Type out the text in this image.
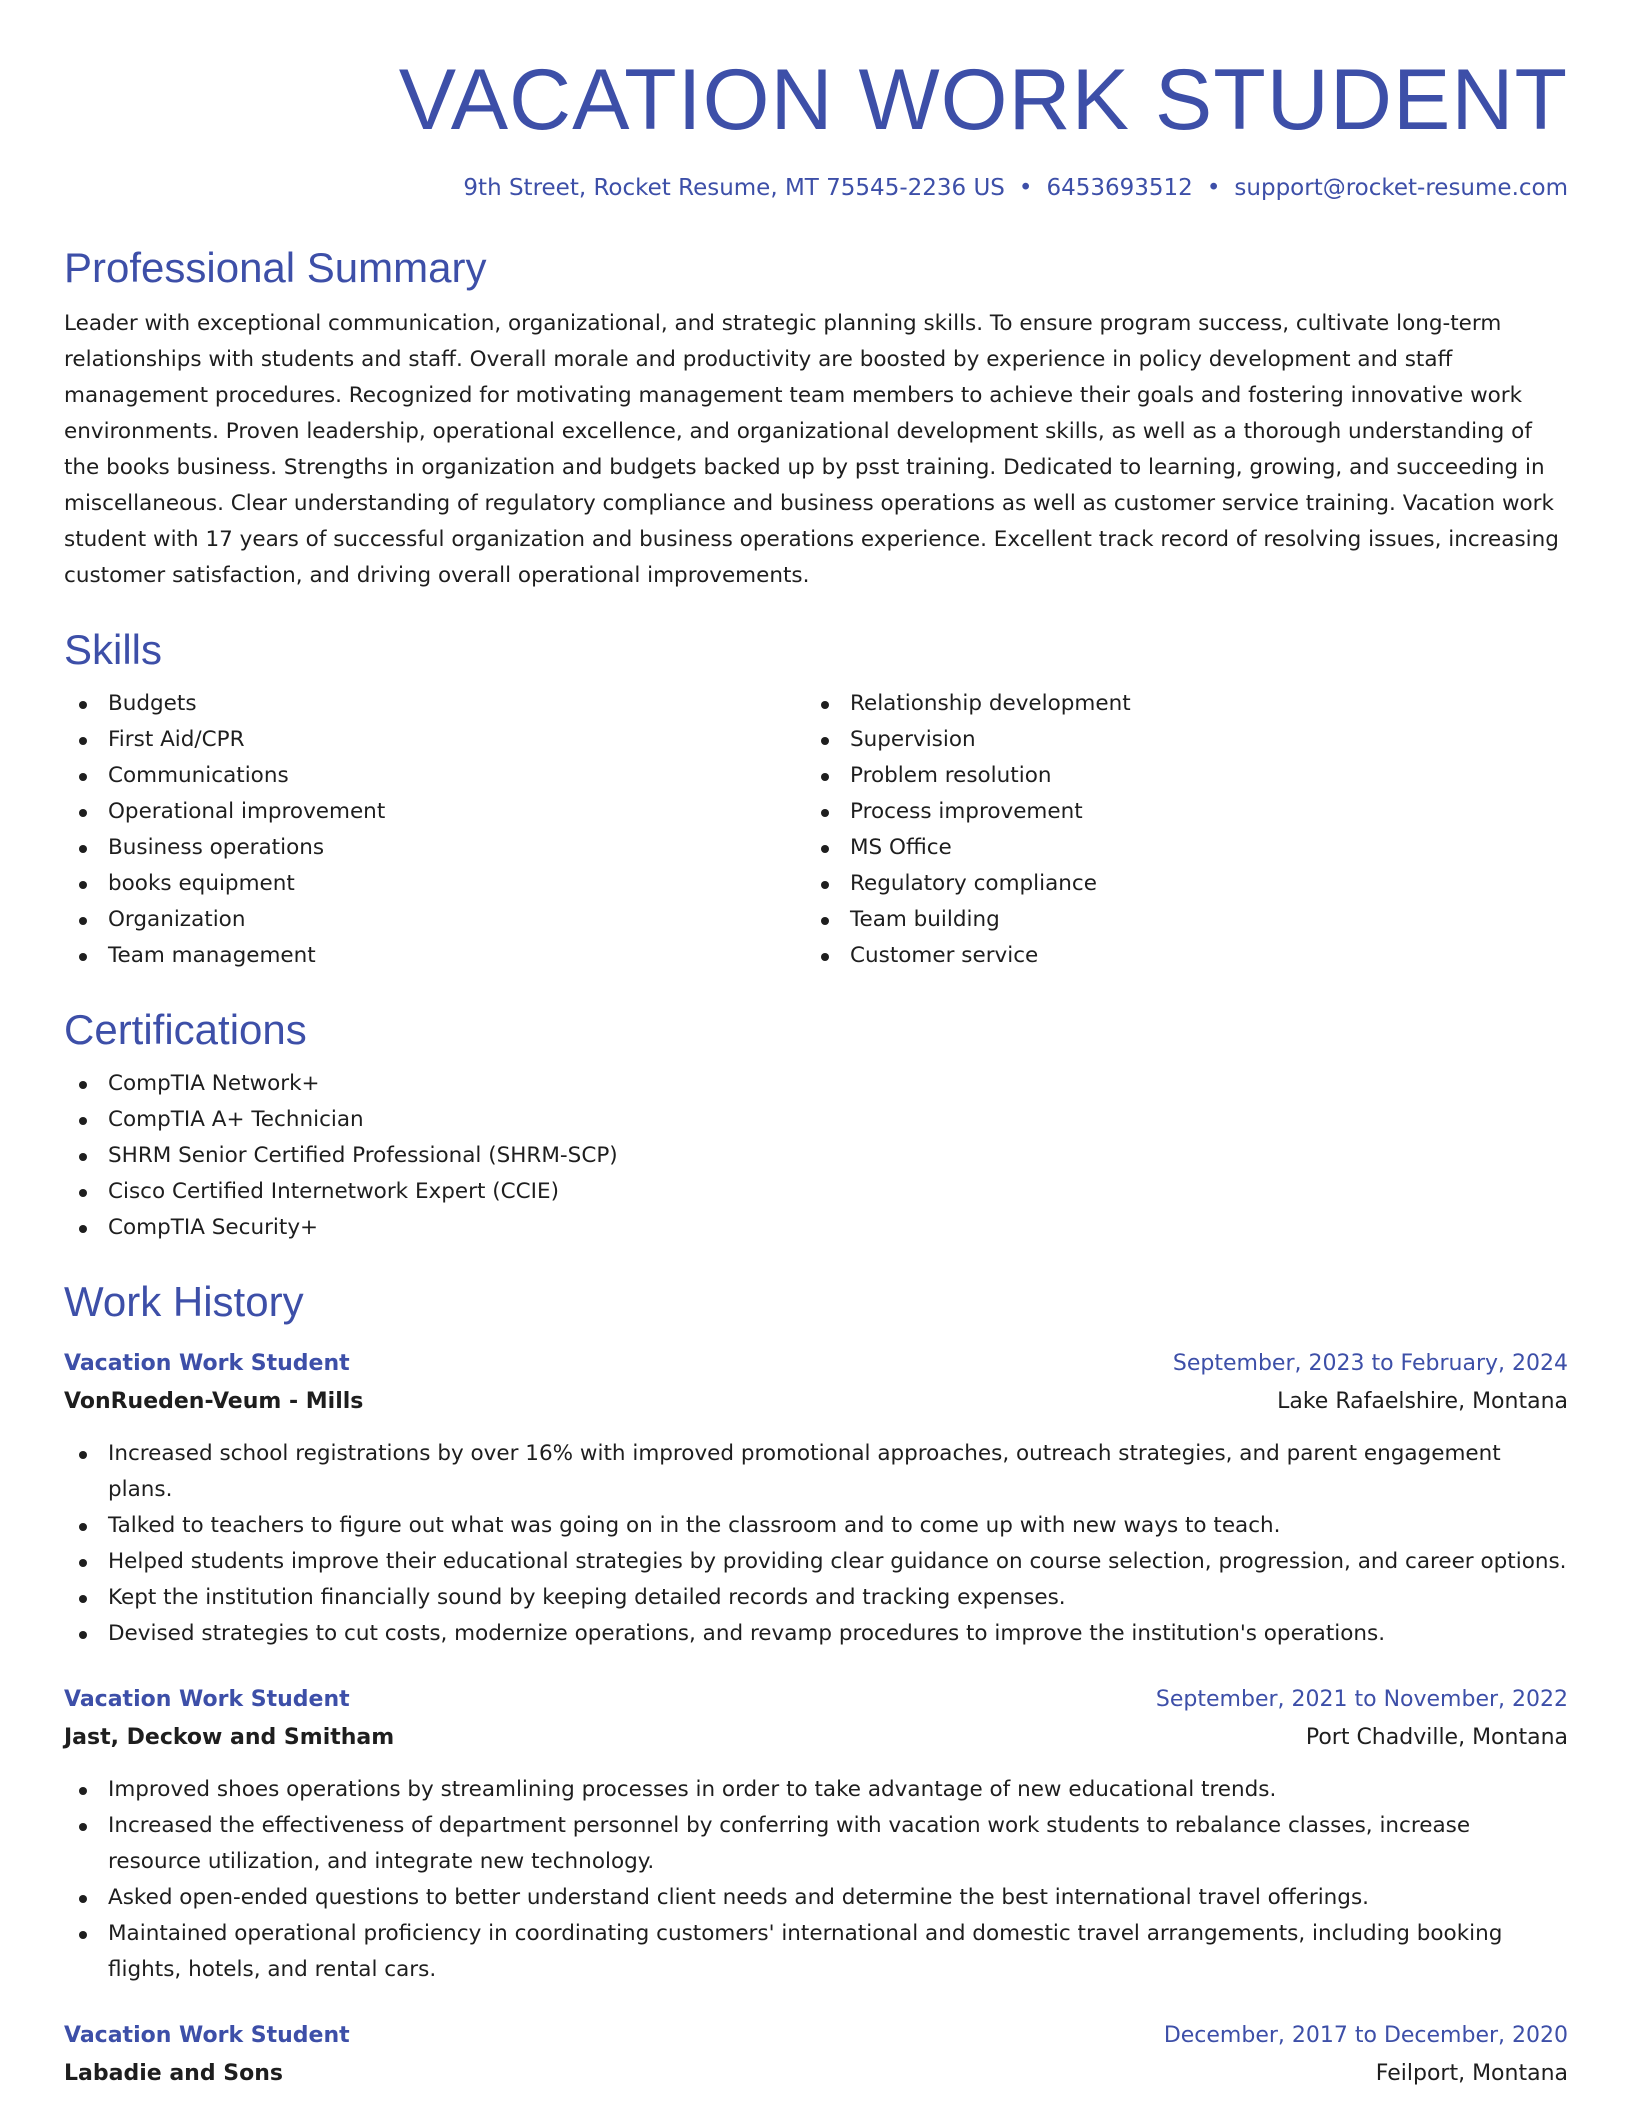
VACATION WORK STUDENT
9th Street, Rocket Resume, MT 75545-2236 US • 6453693512 • support@rocket-resume.com
Professional Summary

Leader with exceptional communication, organizational, and strategic planning skills. To ensure program success, cultivate long-term relationships with students and staff. Overall morale and productivity are boosted by experience in policy development and staff management procedures. Recognized for motivating management team members to achieve their goals and fostering innovative work environments. Proven leadership, operational excellence, and organizational development skills, as well as a thorough understanding of the books business. Strengths in organization and budgets backed up by psst training. Dedicated to learning, growing, and succeeding in miscellaneous. Clear understanding of regulatory compliance and business operations as well as customer service training. Vacation work student with 17 years of successful organization and business operations experience. Excellent track record of resolving issues, increasing customer satisfaction, and driving overall operational improvements.

Skills
Budgets
First Aid/CPR
Communications
Operational improvement
Business operations
books equipment
Organization
Team management
Relationship development
Supervision
Problem resolution
Process improvement
MS Office
Regulatory compliance
Team building
Customer service
Certifications
CompTIA Network+
CompTIA A+ Technician
SHRM Senior Certified Professional (SHRM-SCP)
Cisco Certified Internetwork Expert (CCIE)
CompTIA Security+
Work History
Vacation Work Student	September, 2023 to February, 2024
VonRueden-Veum - Mills	Lake Rafaelshire, Montana
Increased school registrations by over 16% with improved promotional approaches, outreach strategies, and parent engagement plans.
Talked to teachers to figure out what was going on in the classroom and to come up with new ways to teach.
Helped students improve their educational strategies by providing clear guidance on course selection, progression, and career options.
Kept the institution financially sound by keeping detailed records and tracking expenses.
Devised strategies to cut costs, modernize operations, and revamp procedures to improve the institution's operations.
Vacation Work Student	September, 2021 to November, 2022
Jast, Deckow and Smitham	Port Chadville, Montana
Improved shoes operations by streamlining processes in order to take advantage of new educational trends.
Increased the effectiveness of department personnel by conferring with vacation work students to rebalance classes, increase resource utilization, and integrate new technology.
Asked open-ended questions to better understand client needs and determine the best international travel offerings.
Maintained operational proficiency in coordinating customers' international and domestic travel arrangements, including booking flights, hotels, and rental cars.
Vacation Work Student	December, 2017 to December, 2020
Labadie and Sons	Feilport, Montana
